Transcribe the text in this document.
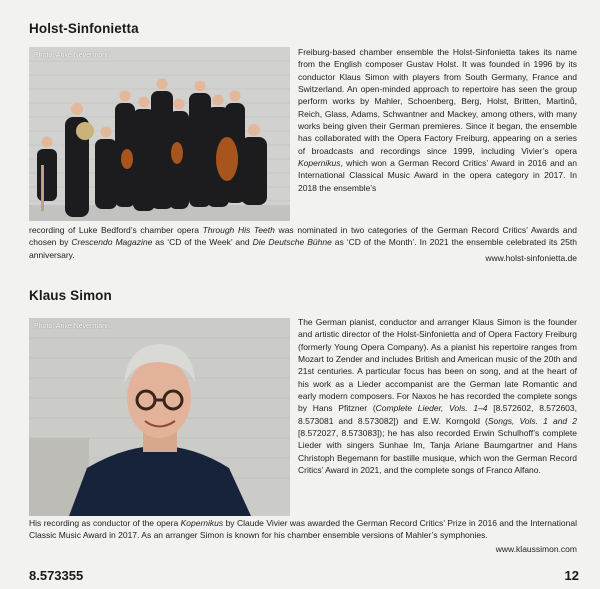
Holst-Sinfonietta
Photo: Anke Nevermann	Freiburg-based chamber ensemble the Holst-Sinfonietta takes its name from the English composer Gustav Holst. It was founded in 1996 by its conductor Klaus Simon with players from South Germany, France and Switzerland. An open-minded approach to repertoire has seen the group perform works by Mahler, Schoenberg, Berg, Holst, Britten, Martinů, Reich, Glass, Adams, Schwantner and Mackey, among others, with many works being given their German premieres. Since it began, the ensemble has collaborated with the Opera Factory Freiburg, appearing on a series of broadcasts and recordings since 1999, including Vivier’s opera Kopernikus, which won a German Record Critics’ Award in 2016 and an International Classical Music Award in the opera category in 2017. In 2018 the ensemble’s
recording of Luke Bedford’s chamber opera Through His Teeth was nominated in two categories of the German Record Critics’ Awards and chosen by Crescendo Magazine as ‘CD of the Week’ and Die Deutsche Bühne as ‘CD of the Month’. In 2021 the ensemble celebrated its 25th anniversary.	www.holst-sinfonietta.de
Klaus Simon
Photo: Anke Nevermann	The German pianist, conductor and arranger Klaus Simon is the founder and artistic director of the Holst-Sinfonietta and of Opera Factory Freiburg (formerly Young Opera Company). As a pianist his repertoire ranges from Mozart to Zender and includes British and American music of the 20th and 21st centuries. A particular focus has been on song, and at the heart of his work as a Lieder accompanist are the German late Romantic and early modern composers. For Naxos he has recorded the complete songs by Hans Pfitzner (Complete Lieder, Vols. 1–4 [8.572602, 8.572603, 8.573081 and 8.573082]) and E.W. Korngold (Songs, Vols. 1 and 2 [8.572027, 8.573083]); he has also recorded Erwin Schulhoff’s complete Lieder with singers Sunhae Im, Tanja Ariane Baumgartner and Hans Christoph Begemann for bastille musique, which won the German Record Critics’ Award in 2021, and the complete songs of Franco Alfano.
His recording as conductor of the opera Kopernikus by Claude Vivier was awarded the German Record Critics’ Prize in 2016 and the International Classic Music Award in 2017. As an arranger Simon is known for his chamber ensemble versions of Mahler’s symphonies.
www.klaussimon.com
8.573355	12
